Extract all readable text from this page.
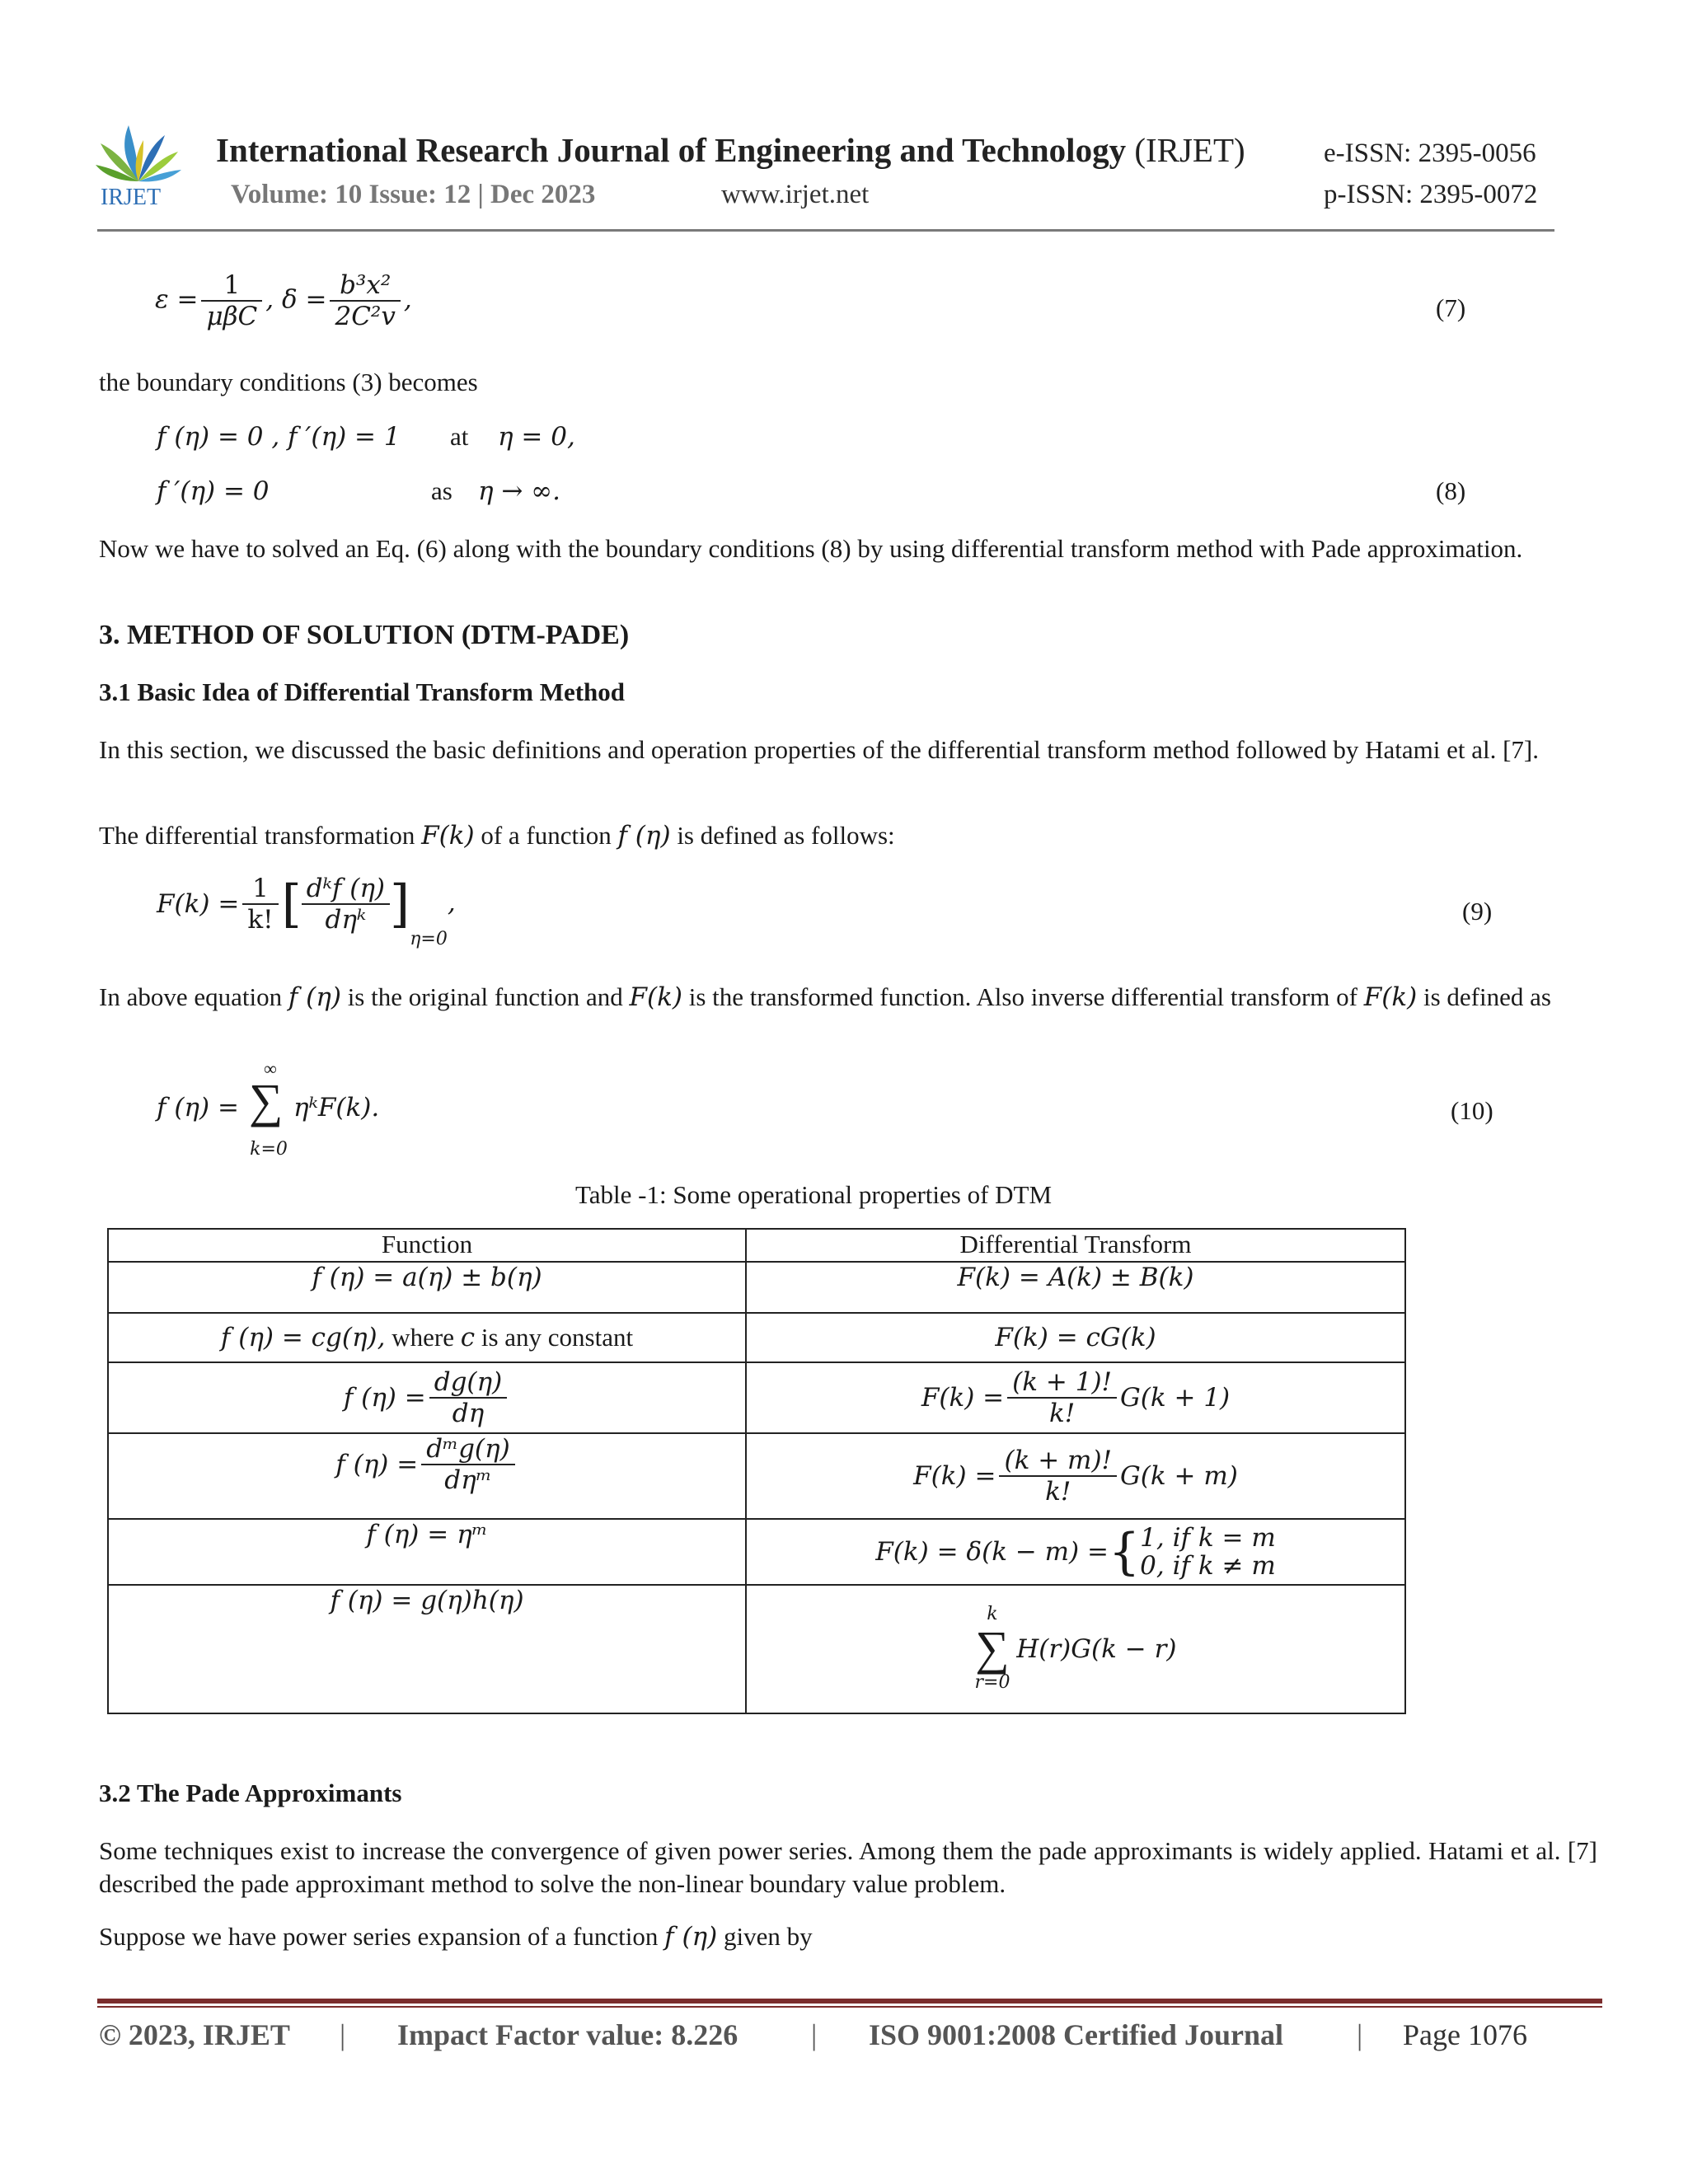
IRJET
International Research Journal of Engineering and Technology (IRJET)
Volume: 10 Issue: 12 | Dec 2023	www.irjet.net
e-ISSN: 2395-0056
p-ISSN: 2395-0072
$\varepsilon = \frac{1}{\text{μβC}}$ , $\delta = \frac{\text{b³x²}}{\text{2C²v}}$ ,	(7)
the boundary conditions (3) becomes
f (η) = 0 , f ′(η) = 1 at η = 0,
f ′(η) = 0	as η → ∞.	(8)
Now we have to solved an Eq. (6) along with the boundary conditions (8) by using differential transform method with Pade approximation.
3. METHOD OF SOLUTION (DTM-PADE)
3.1 Basic Idea of Differential Transform Method
In this section, we discussed the basic definitions and operation properties of the differential transform method followed by Hatami et al. [7].
The differential transformation F(k) of a function f (η) is defined as follows:
$F(k) = \frac{1}{k!}$ [ $\frac{\text{dᵏf (η)}}{\text{dηᵏ}} ]\eta=0$,	(9)
In above equation f (η) is the original function and F(k) is the transformed function. Also inverse differential transform of F(k) is defined as
f (η) =
∞
∑
k=0
ηᵏF(k).	(10)
Table -1: Some operational properties of DTM
Function	Differential Transform
f (η) = a(η) ± b(η)	F(k) = A(k) ± B(k)
f (η) = cg(η), where c is any constant	F(k) = cG(k)
f $(\eta) = \frac{dg(\eta)}{d\eta}$	$F(k) = \frac{(k + 1)!}{k!} G(k + 1)$
f $(\eta) = \frac{\text{dᵐg(η)}}{\text{dηᵐ}}$	$F(k) = \frac{(k + m)!}{k!} G(k + m)$
f (η) = ηᵐ	F(k) = δ(k − m) ={ 1, if k = m
0, if k ≠ m

f (η) = g(η)h(η)	k
∑
r=0
H(r)G(k − r)
3.2 The Pade Approximants
Some techniques exist to increase the convergence of given power series. Among them the pade approximants is widely applied. Hatami et al. [7] described the pade approximant method to solve the non-linear boundary value problem.
Suppose we have power series expansion of a function f (η) given by
© 2023, IRJET | Impact Factor value: 8.226 | ISO 9001:2008 Certified Journal | Page 1076
